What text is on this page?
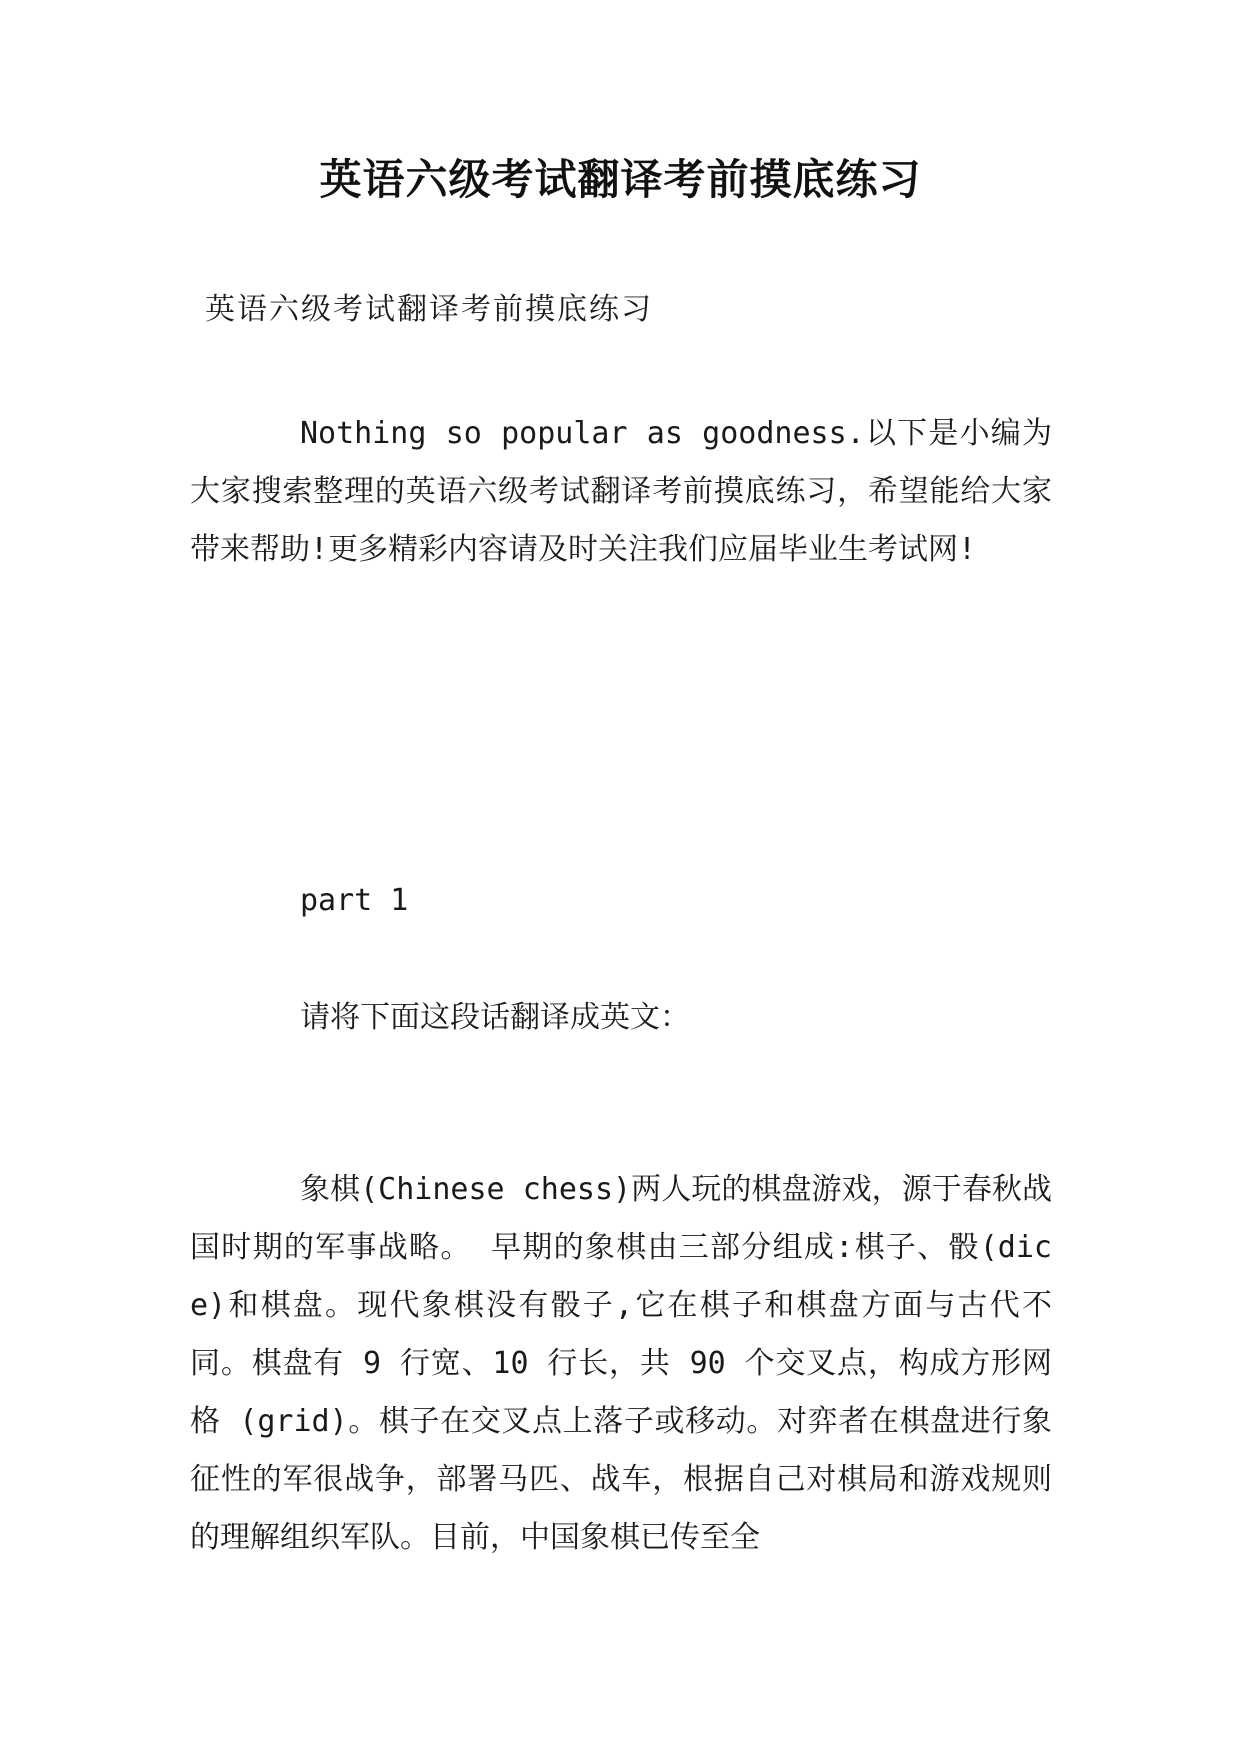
英语六级考试翻译考前摸底练习

英语六级考试翻译考前摸底练习

Nothing so popular as goodness.以下是小编为大家搜索整理的英语六级考试翻译考前摸底练习，希望能给大家带来帮助!更多精彩内容请及时关注我们应届毕业生考试网!

part 1

请将下面这段话翻译成英文：

象棋(Chinese chess)两人玩的棋盘游戏，源于春秋战国时期的军事战略。 早期的象棋由三部分组成:棋子、骰(dice)和棋盘。现代象棋没有骰子,它在棋子和棋盘方面与古代不同。棋盘有 9 行宽、10 行长，共 90 个交叉点，构成方形网格 (grid)。棋子在交叉点上落子或移动。对弈者在棋盘进行象征性的军很战争，部署马匹、战车，根据自己对棋局和游戏规则的理解组织军队。目前，中国象棋已传至全
